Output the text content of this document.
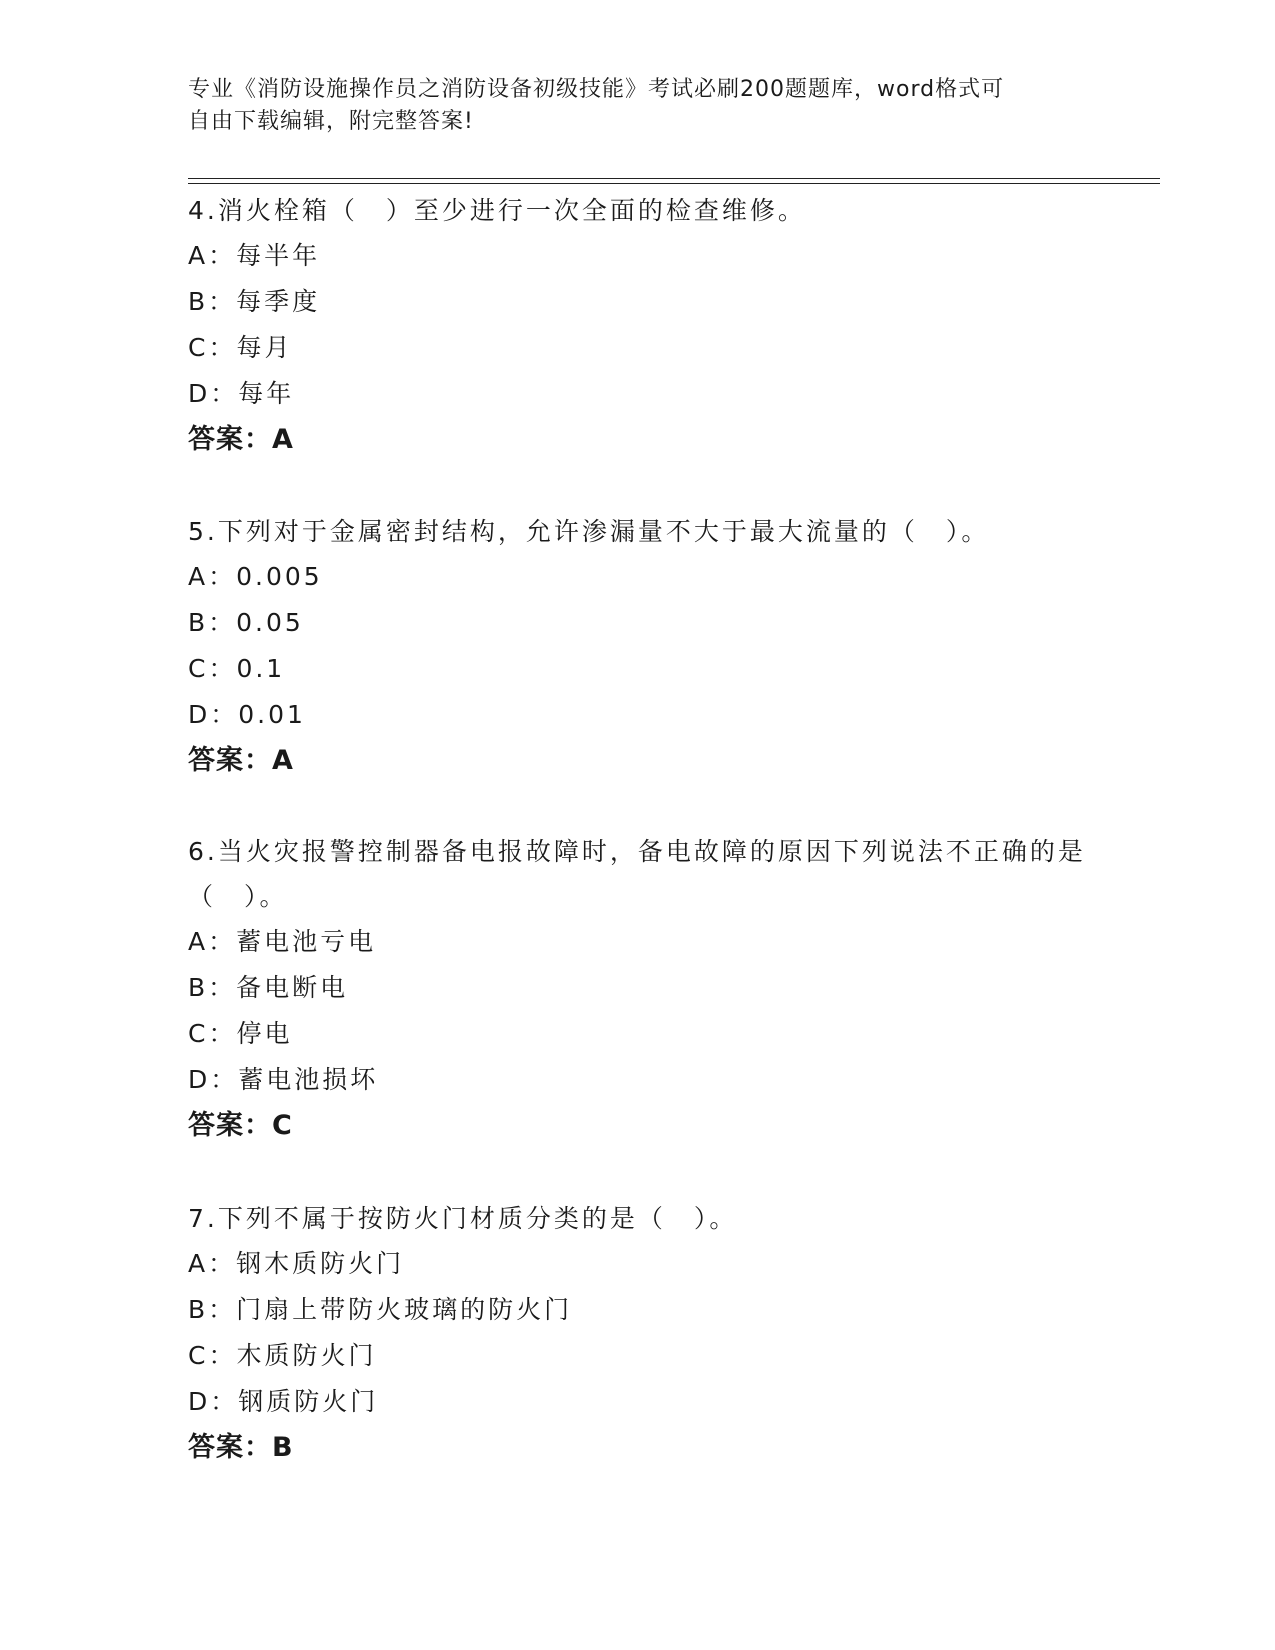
专业《消防设施操作员之消防设备初级技能》考试必刷200题题库，word格式可
自由下载编辑，附完整答案!
4.消火栓箱（　）至少进行一次全面的检查维修。
A：每半年
B：每季度
C：每月
D：每年
答案：A
5.下列对于金属密封结构，允许渗漏量不大于最大流量的（　）。
A：0.005
B：0.05
C：0.1
D：0.01
答案：A
6.当火灾报警控制器备电报故障时，备电故障的原因下列说法不正确的是（　）。
A：蓄电池亏电
B：备电断电
C：停电
D：蓄电池损坏
答案：C
7.下列不属于按防火门材质分类的是（　）。
A：钢木质防火门
B：门扇上带防火玻璃的防火门
C：木质防火门
D：钢质防火门
答案：B
